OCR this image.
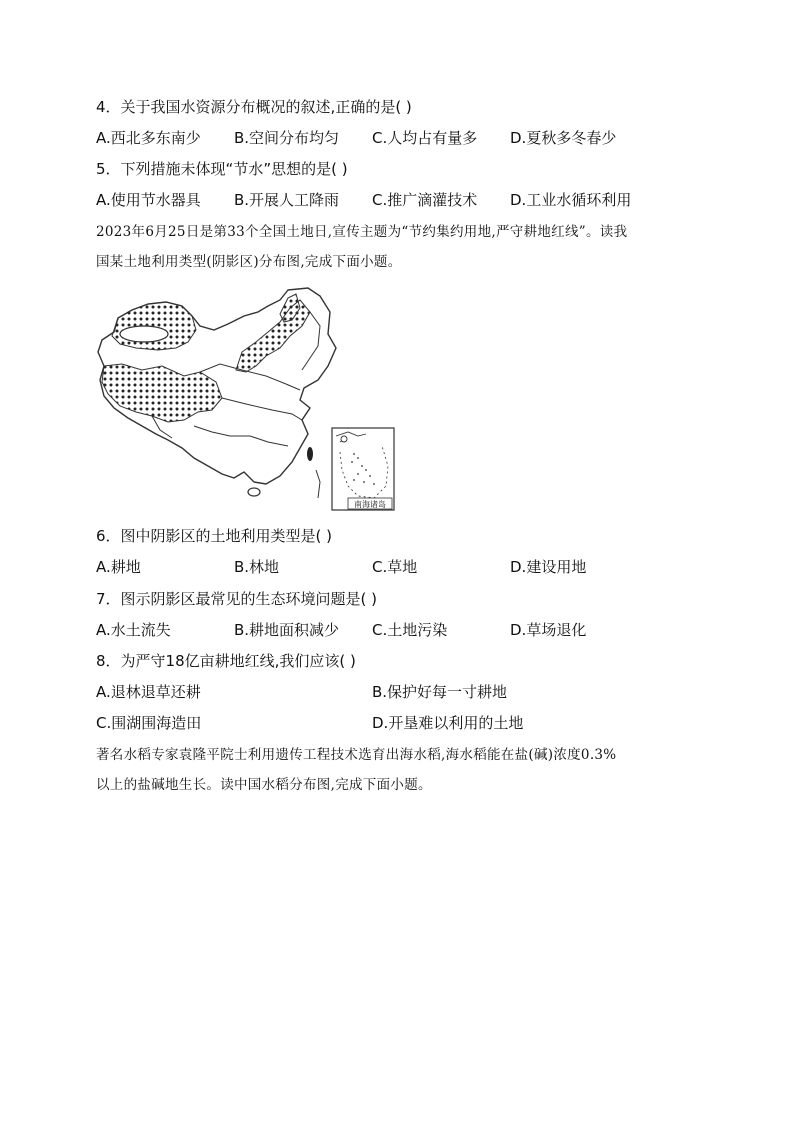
4．关于我国水资源分布概况的叙述,正确的是( )
A.西北多东南少 B.空间分布均匀 C.人均占有量多 D.夏秋多冬春少
5．下列措施未体现“节水”思想的是( )
A.使用节水器具 B.开展人工降雨 C.推广滴灌技术 D.工业水循环利用
2023年6月25日是第33个全国土地日,宣传主题为“节约集约用地,严守耕地红线”。读我
国某土地利用类型(阴影区)分布图,完成下面小题。
南海诸岛
6．图中阴影区的土地利用类型是( )
A.耕地	B.林地	C.草地	D.建设用地
7．图示阴影区最常见的生态环境问题是( )
A.水土流失	B.耕地面积减少 C.土地污染	D.草场退化
8．为严守18亿亩耕地红线,我们应该( )
A.退林退草还耕	B.保护好每一寸耕地
C.围湖围海造田	D.开垦难以利用的土地
著名水稻专家袁隆平院士利用遗传工程技术选育出海水稻,海水稻能在盐(碱)浓度0.3%
以上的盐碱地生长。读中国水稻分布图,完成下面小题。
